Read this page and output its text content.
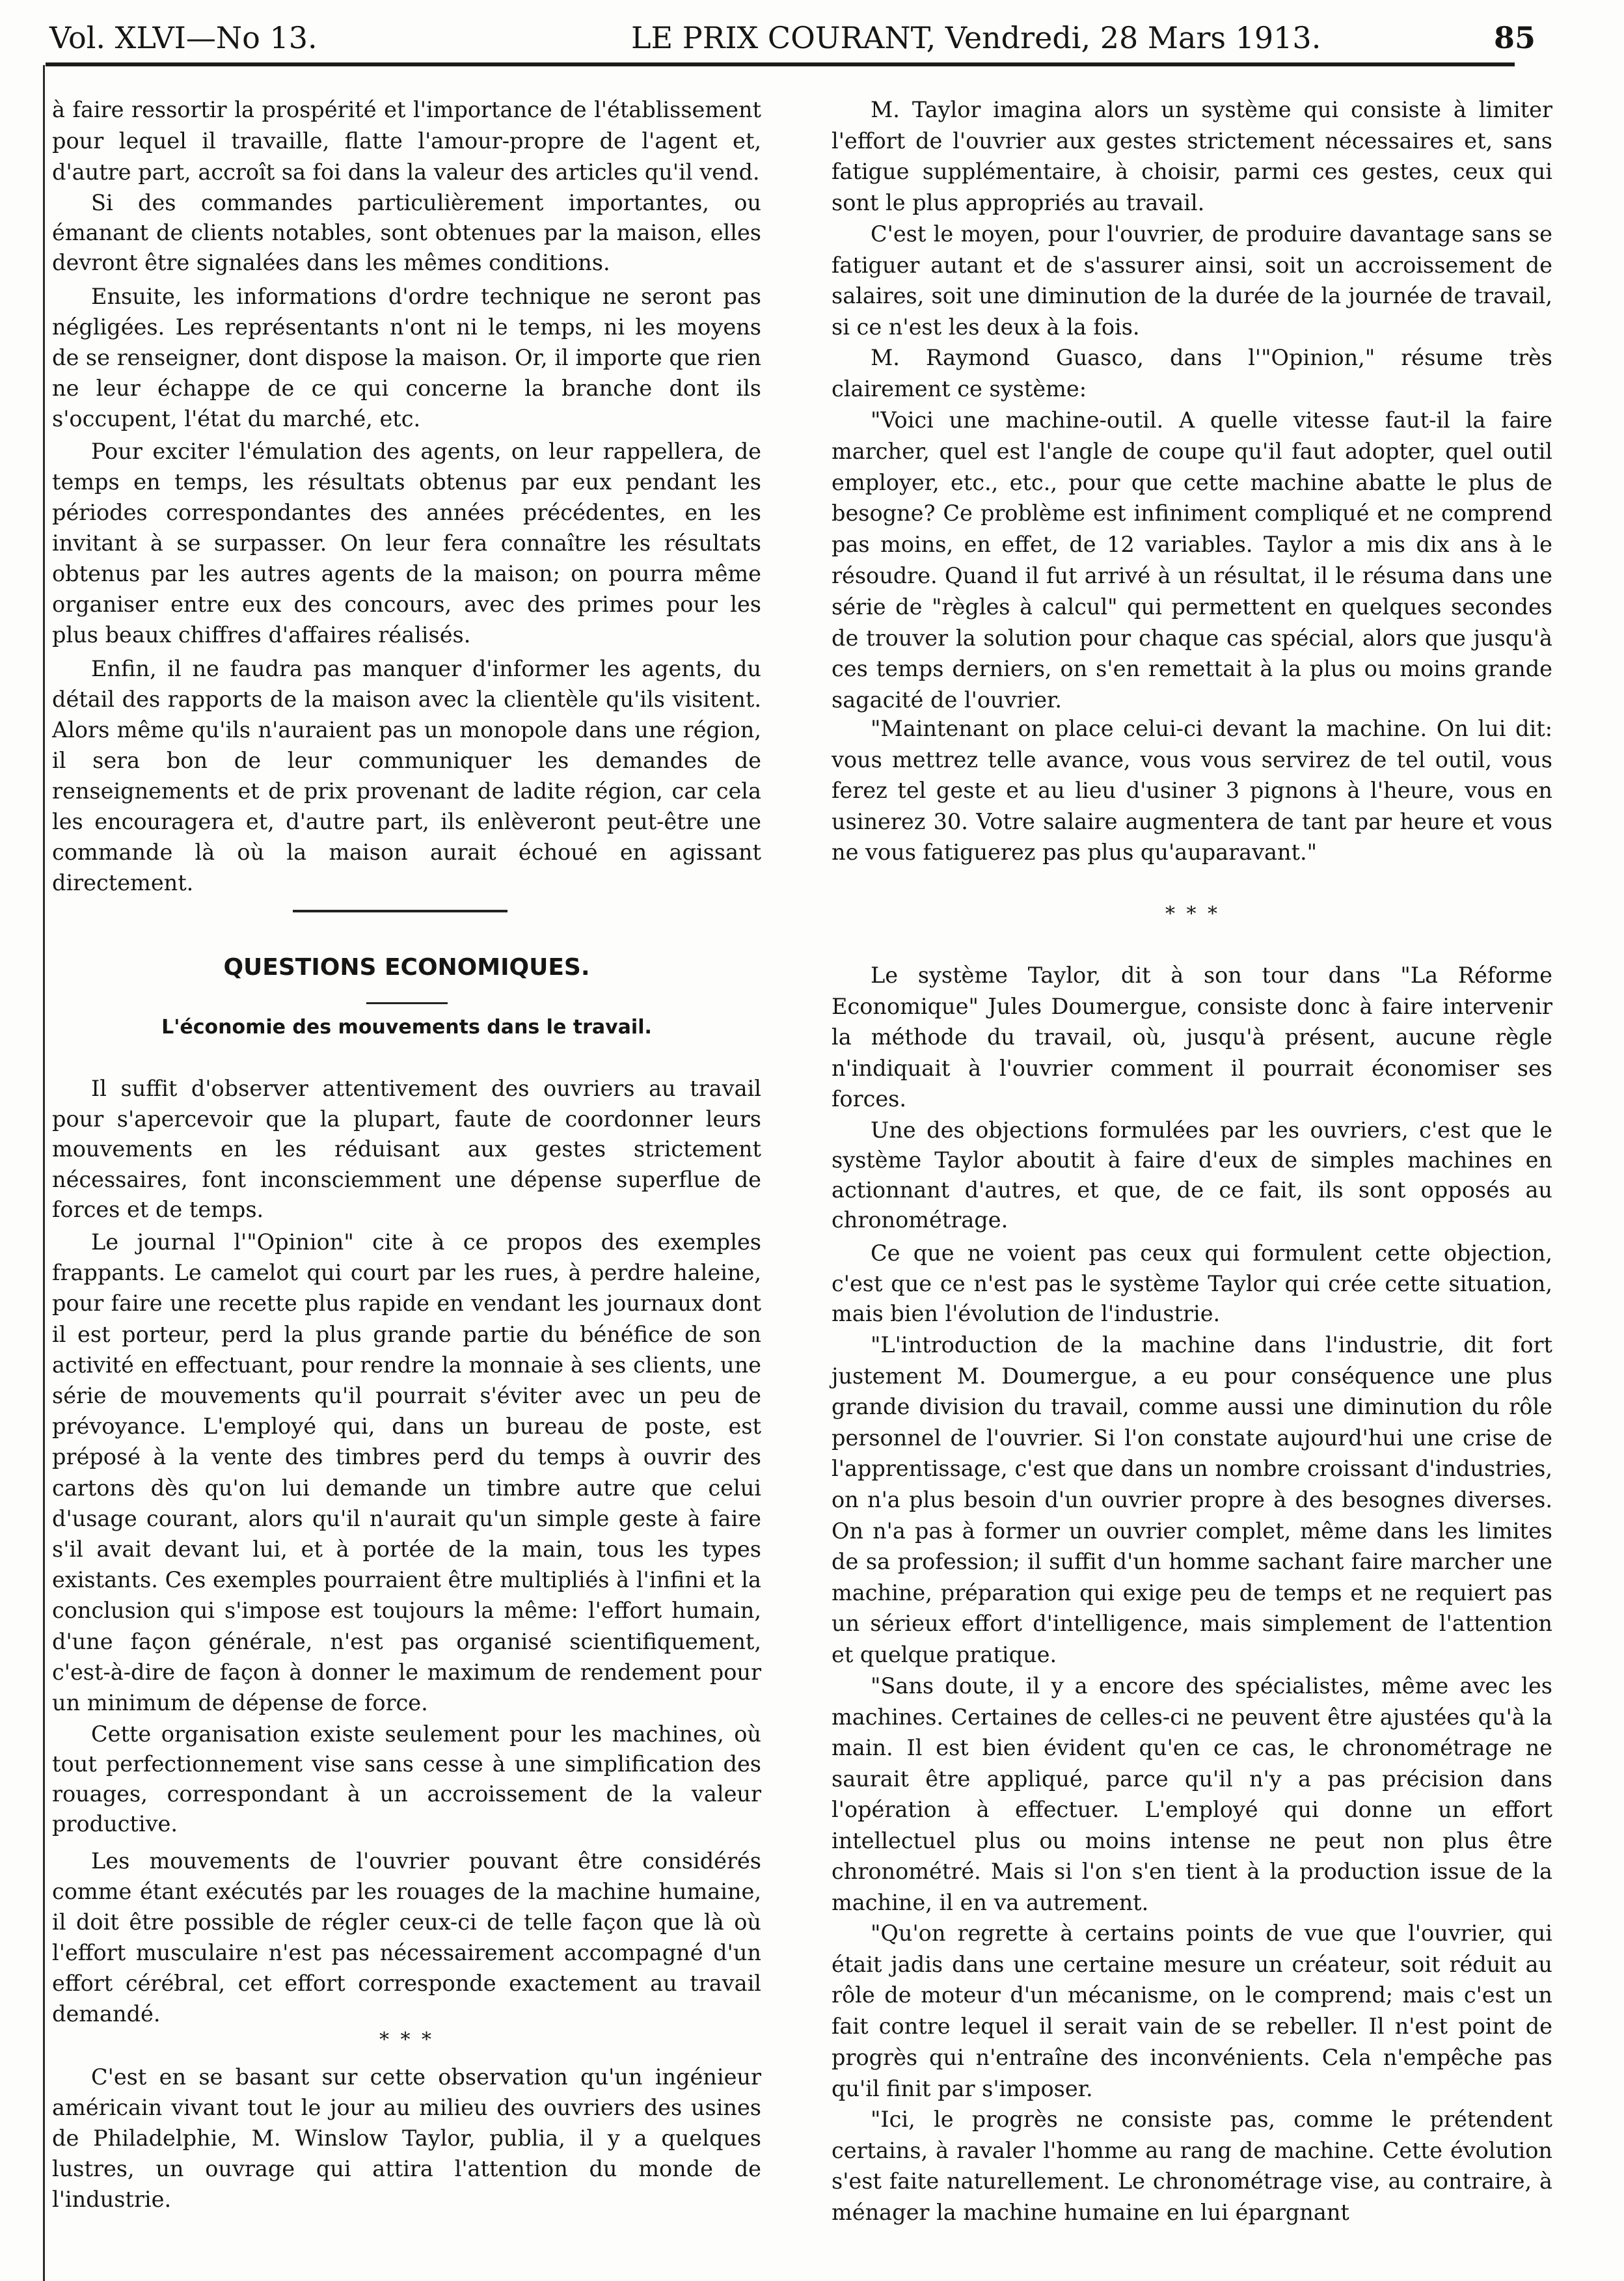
Vol. XLVI—No 13.	LE PRIX COURANT, Vendredi, 28 Mars 1913.	85

à faire ressortir la prospérité et l'importance de l'établissement pour lequel il travaille, flatte l'amour-propre de l'agent et, d'autre part, accroît sa foi dans la valeur des articles qu'il vend.

Si des commandes particulièrement importantes, ou émanant de clients notables, sont obtenues par la maison, elles devront être signalées dans les mêmes conditions.

Ensuite, les informations d'ordre technique ne seront pas négligées. Les représentants n'ont ni le temps, ni les moyens de se renseigner, dont dispose la maison. Or, il importe que rien ne leur échappe de ce qui concerne la branche dont ils s'occupent, l'état du marché, etc.

Pour exciter l'émulation des agents, on leur rappellera, de temps en temps, les résultats obtenus par eux pendant les périodes correspondantes des années précédentes, en les invitant à se surpasser. On leur fera connaître les résultats obtenus par les autres agents de la maison; on pourra même organiser entre eux des concours, avec des primes pour les plus beaux chiffres d'affaires réalisés.

Enfin, il ne faudra pas manquer d'informer les agents, du détail des rapports de la maison avec la clientèle qu'ils visitent. Alors même qu'ils n'auraient pas un monopole dans une région, il sera bon de leur communiquer les demandes de renseignements et de prix provenant de ladite région, car cela les encouragera et, d'autre part, ils enlèveront peut-être une commande là où la maison aurait échoué en agissant directement.

QUESTIONS ECONOMIQUES.
L'économie des mouvements dans le travail.

Il suffit d'observer attentivement des ouvriers au travail pour s'apercevoir que la plupart, faute de coordonner leurs mouvements en les réduisant aux gestes strictement nécessaires, font inconsciemment une dépense superflue de forces et de temps.

Le journal l'"Opinion" cite à ce propos des exemples frappants. Le camelot qui court par les rues, à perdre haleine, pour faire une recette plus rapide en vendant les journaux dont il est porteur, perd la plus grande partie du bénéfice de son activité en effectuant, pour rendre la monnaie à ses clients, une série de mouvements qu'il pourrait s'éviter avec un peu de prévoyance. L'employé qui, dans un bureau de poste, est préposé à la vente des timbres perd du temps à ouvrir des cartons dès qu'on lui demande un timbre autre que celui d'usage courant, alors qu'il n'aurait qu'un simple geste à faire s'il avait devant lui, et à portée de la main, tous les types existants. Ces exemples pourraient être multipliés à l'infini et la conclusion qui s'impose est toujours la même: l'effort humain, d'une façon générale, n'est pas organisé scientifiquement, c'est-à-dire de façon à donner le maximum de rendement pour un minimum de dépense de force.

Cette organisation existe seulement pour les machines, où tout perfectionnement vise sans cesse à une simplification des rouages, correspondant à un accroissement de la valeur productive.

Les mouvements de l'ouvrier pouvant être considérés comme étant exécutés par les rouages de la machine humaine, il doit être possible de régler ceux-ci de telle façon que là où l'effort musculaire n'est pas nécessairement accompagné d'un effort cérébral, cet effort corresponde exactement au travail demandé.

* * *

C'est en se basant sur cette observation qu'un ingénieur américain vivant tout le jour au milieu des ouvriers des usines de Philadelphie, M. Winslow Taylor, publia, il y a quelques lustres, un ouvrage qui attira l'attention du monde de l'industrie.

M. Taylor imagina alors un système qui consiste à limiter l'effort de l'ouvrier aux gestes strictement nécessaires et, sans fatigue supplémentaire, à choisir, parmi ces gestes, ceux qui sont le plus appropriés au travail.

C'est le moyen, pour l'ouvrier, de produire davantage sans se fatiguer autant et de s'assurer ainsi, soit un accroissement de salaires, soit une diminution de la durée de la journée de travail, si ce n'est les deux à la fois.

M. Raymond Guasco, dans l'"Opinion," résume très clairement ce système:

"Voici une machine-outil. A quelle vitesse faut-il la faire marcher, quel est l'angle de coupe qu'il faut adopter, quel outil employer, etc., etc., pour que cette machine abatte le plus de besogne? Ce problème est infiniment compliqué et ne comprend pas moins, en effet, de 12 variables. Taylor a mis dix ans à le résoudre. Quand il fut arrivé à un résultat, il le résuma dans une série de "règles à calcul" qui permettent en quelques secondes de trouver la solution pour chaque cas spécial, alors que jusqu'à ces temps derniers, on s'en remettait à la plus ou moins grande sagacité de l'ouvrier.

"Maintenant on place celui-ci devant la machine. On lui dit: vous mettrez telle avance, vous vous servirez de tel outil, vous ferez tel geste et au lieu d'usiner 3 pignons à l'heure, vous en usinerez 30. Votre salaire augmentera de tant par heure et vous ne vous fatiguerez pas plus qu'auparavant."

* * *

Le système Taylor, dit à son tour dans "La Réforme Economique" Jules Doumergue, consiste donc à faire intervenir la méthode du travail, où, jusqu'à présent, aucune règle n'indiquait à l'ouvrier comment il pourrait économiser ses forces.

Une des objections formulées par les ouvriers, c'est que le système Taylor aboutit à faire d'eux de simples machines en actionnant d'autres, et que, de ce fait, ils sont opposés au chronométrage.

Ce que ne voient pas ceux qui formulent cette objection, c'est que ce n'est pas le système Taylor qui crée cette situation, mais bien l'évolution de l'industrie.

"L'introduction de la machine dans l'industrie, dit fort justement M. Doumergue, a eu pour conséquence une plus grande division du travail, comme aussi une diminution du rôle personnel de l'ouvrier. Si l'on constate aujourd'hui une crise de l'apprentissage, c'est que dans un nombre croissant d'industries, on n'a plus besoin d'un ouvrier propre à des besognes diverses. On n'a pas à former un ouvrier complet, même dans les limites de sa profession; il suffit d'un homme sachant faire marcher une machine, préparation qui exige peu de temps et ne requiert pas un sérieux effort d'intelligence, mais simplement de l'attention et quelque pratique.

"Sans doute, il y a encore des spécialistes, même avec les machines. Certaines de celles-ci ne peuvent être ajustées qu'à la main. Il est bien évident qu'en ce cas, le chronométrage ne saurait être appliqué, parce qu'il n'y a pas précision dans l'opération à effectuer. L'employé qui donne un effort intellectuel plus ou moins intense ne peut non plus être chronométré. Mais si l'on s'en tient à la production issue de la machine, il en va autrement.

"Qu'on regrette à certains points de vue que l'ouvrier, qui était jadis dans une certaine mesure un créateur, soit réduit au rôle de moteur d'un mécanisme, on le comprend; mais c'est un fait contre lequel il serait vain de se rebeller. Il n'est point de progrès qui n'entraîne des inconvénients. Cela n'empêche pas qu'il finit par s'imposer.

"Ici, le progrès ne consiste pas, comme le prétendent certains, à ravaler l'homme au rang de machine. Cette évolution s'est faite naturellement. Le chronométrage vise, au contraire, à ménager la machine humaine en lui épargnant
